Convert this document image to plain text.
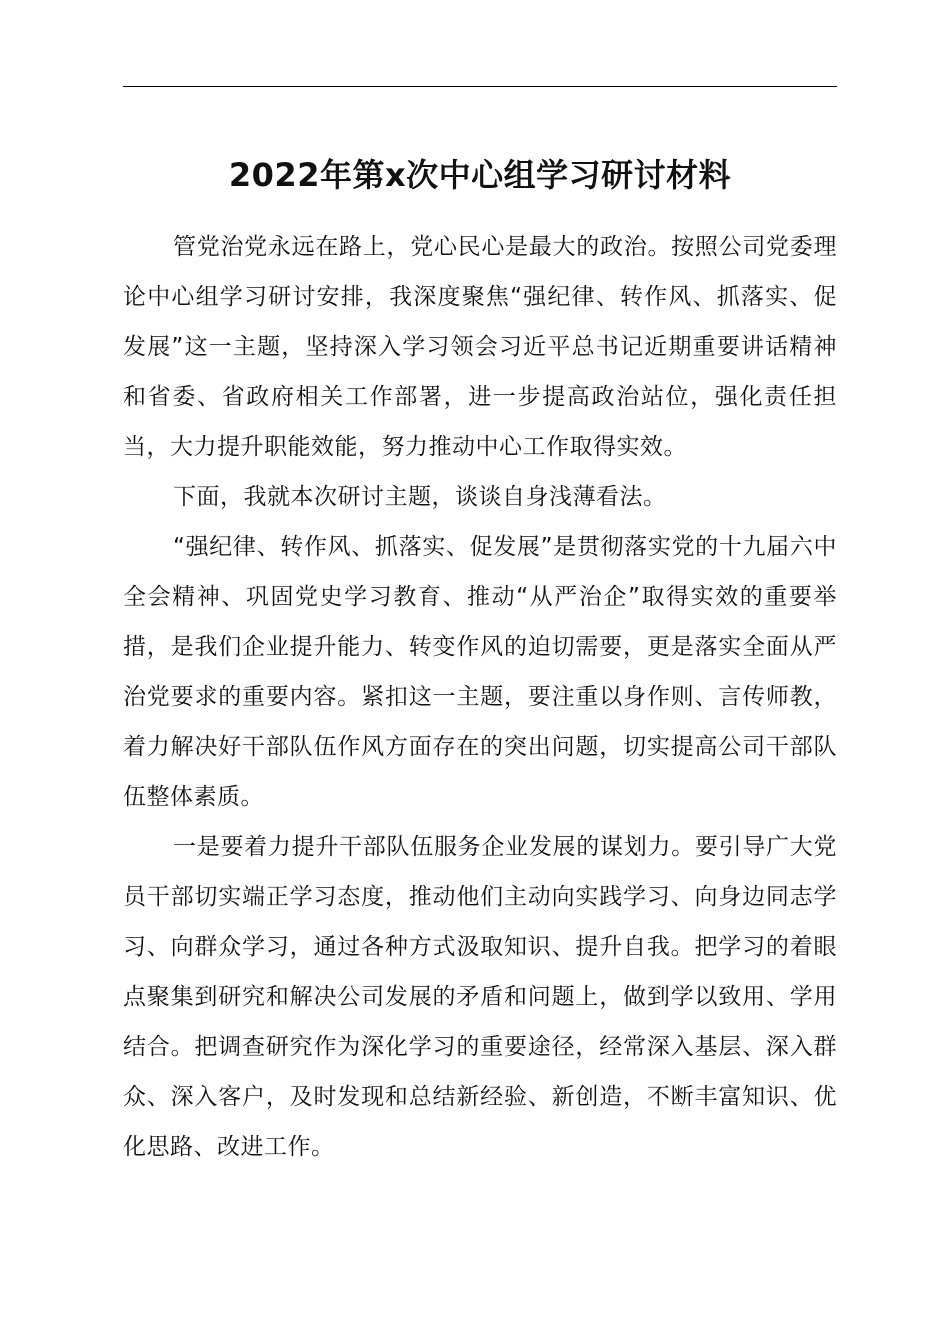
2022年第x次中心组学习研讨材料

管党治党永远在路上，党心民心是最大的政治。按照公司党委理论中心组学习研讨安排，我深度聚焦“强纪律、转作风、抓落实、促发展”这一主题，坚持深入学习领会习近平总书记近期重要讲话精神和省委、省政府相关工作部署，进一步提高政治站位，强化责任担当，大力提升职能效能，努力推动中心工作取得实效。

下面，我就本次研讨主题，谈谈自身浅薄看法。

“强纪律、转作风、抓落实、促发展”是贯彻落实党的十九届六中全会精神、巩固党史学习教育、推动“从严治企”取得实效的重要举措，是我们企业提升能力、转变作风的迫切需要，更是落实全面从严治党要求的重要内容。紧扣这一主题，要注重以身作则、言传师教，着力解决好干部队伍作风方面存在的突出问题，切实提高公司干部队伍整体素质。

一是要着力提升干部队伍服务企业发展的谋划力。要引导广大党员干部切实端正学习态度，推动他们主动向实践学习、向身边同志学习、向群众学习，通过各种方式汲取知识、提升自我。把学习的着眼点聚集到研究和解决公司发展的矛盾和问题上，做到学以致用、学用结合。把调查研究作为深化学习的重要途径，经常深入基层、深入群众、深入客户，及时发现和总结新经验、新创造，不断丰富知识、优化思路、改进工作。
